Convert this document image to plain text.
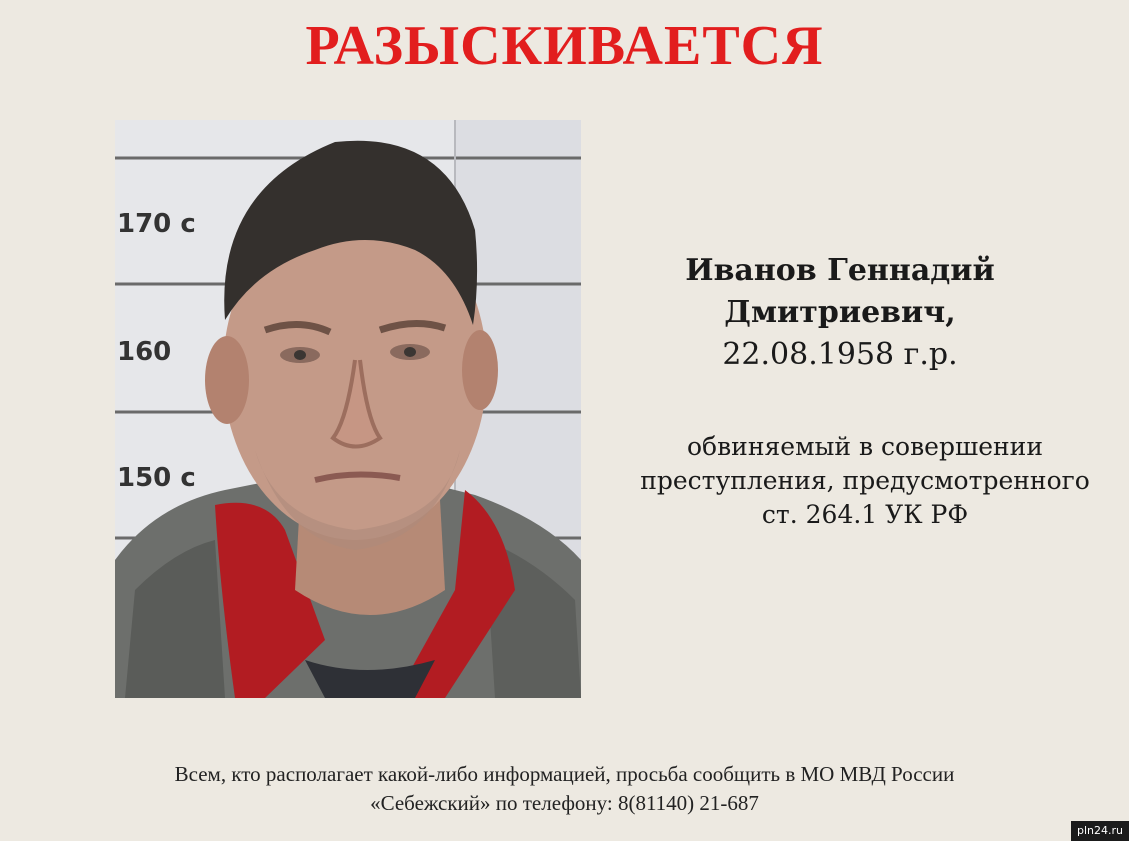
РАЗЫСКИВАЕТСЯ
170 с
160
150 с
Иванов Геннадий
Дмитриевич,
22.08.1958 г.р.
обвиняемый в совершении
преступления, предусмотренного
ст. 264.1 УК РФ
Всем, кто располагает какой-либо информацией, просьба сообщить в МО МВД России
«Себежский» по телефону: 8(81140) 21-687
pln24.ru
